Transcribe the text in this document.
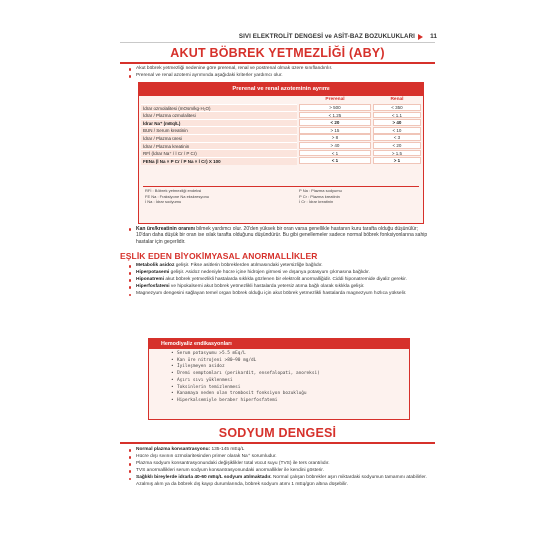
SIVI ELEKTROLİT DENGESİ ve ASİT-BAZ BOZUKLUKLARI 11
AKUT BÖBREK YETMEZLİĞİ (ABY)
Akut böbrek yetmezliği nedenine göre prerenal, renal ve postrenal olmak üzere sınıflandırılır.
Prerenal ve renal azotemi ayrımında aşağıdaki kriterler yardımcı olur.
Prerenal ve renal azoteminin ayrımı
Prerenal	Renal
İdrar ozmolalitesi (mOsm/kg·H₂O)	> 500	< 350
İdrar / Plazma ozmolalitesi	< 1.25	< 1.1
İdrar Na⁺ (mEq/L)	< 20	> 40
BUN / Serum kreatinin	> 15	< 10
İdrar / Plazma üresi	> 8	< 3
İdrar / Plazma kreatinin	> 40	< 20
RFİ (İdrar Na⁺ / İ Cr / P Cr)	< 1	> 1.5
FENa (İ Na × P Cr / P Na × İ Cr) X 100	< 1	> 1
RFİ : Böbrek yetmezliği endeksi
FE Na : Fraksiyone Na ekskresyonu
İ Na : İdrar sodyumu
P Na : Plazma sodyumu
P Cr : Plazma kreatinin
İ Cr : İdrar kreatinin
Kan üre/kreatinin oranını bilmek yardımcı olur. 20'den yüksek bir oran varsa genellikle hastanın kuru tarafta olduğu düşünülür; 10'dan daha düşük bir oran ise ıslak tarafta olduğunu düşündürür. Bu gibi genellemeler sadece normal böbrek fonksiyonlarına sahip hastalar için geçerlidir.
EŞLİK EDEN BİYOKİMYASAL ANORMALLİKLER
Metabolik asidoz gelişir. Fikse asitlerin böbreklerden atılmasındaki yetersizliğe bağlıdır.
Hiperpotasemi gelişir. Asidoz nedeniyle hücre içine hidrojen girmesi ve dışarıya potasyum çıkmasına bağlıdır.
Hiponatremi akut böbrek yetmezlikli hastalarda sıklıkla gözlenen bir elektrolit anormalliğidir. Ciddi hiponatremide diyaliz gerekir.
Hiperfosfatemi ve hipokalsemi akut böbrek yetmezlikli hastalarda yetersiz atıma bağlı olarak sıklıkla gelişir.
Magnezyum dengesini sağlayan temel organ böbrek olduğu için akut böbrek yetmezlikli hastalarda magnezyum hızlıca yükselir.
Hemodiyaliz endikasyonları
• Serum potasyumu >5.5 mEq/L
• Kan üre nitrojeni >80–90 mg/dL
• İyileşmeyen asidoz
• Üremi semptomları (perikardit, ensefalopati, anoreksi)
• Aşırı sıvı yüklenmesi
• Toksinlerin temizlenmesi
• Kanamaya neden olan trombosit fonksiyon bozukluğu
• Hiperkalsemiyle beraber hiperfosfatemi
SODYUM DENGESİ
Normal plazma konsantrasyonu: 135-145 mEq/L
Hücre dışı sıvının ozmolaritesinden primer olarak Na⁺ sorumludur.
Plazma sodyum konsantrasyonundaki değişiklikler total vücut suyu (TVS) ile ters orantılıdır.
TVS anormallikleri serum sodyum konsantrasyonundaki anormallikler ile kendini gösterir.
Sağlıklı bireylerde idrarla 40-60 mEq/L sodyum atılmaktadır. Normal çalışan böbrekler aşırı miktardaki sodyumun tamamını atabilirler. Azalmış alım ya da böbrek dış kayıp durumlarında, böbrek sodyum atımı 1 mEq/gün altına düşebilir.
